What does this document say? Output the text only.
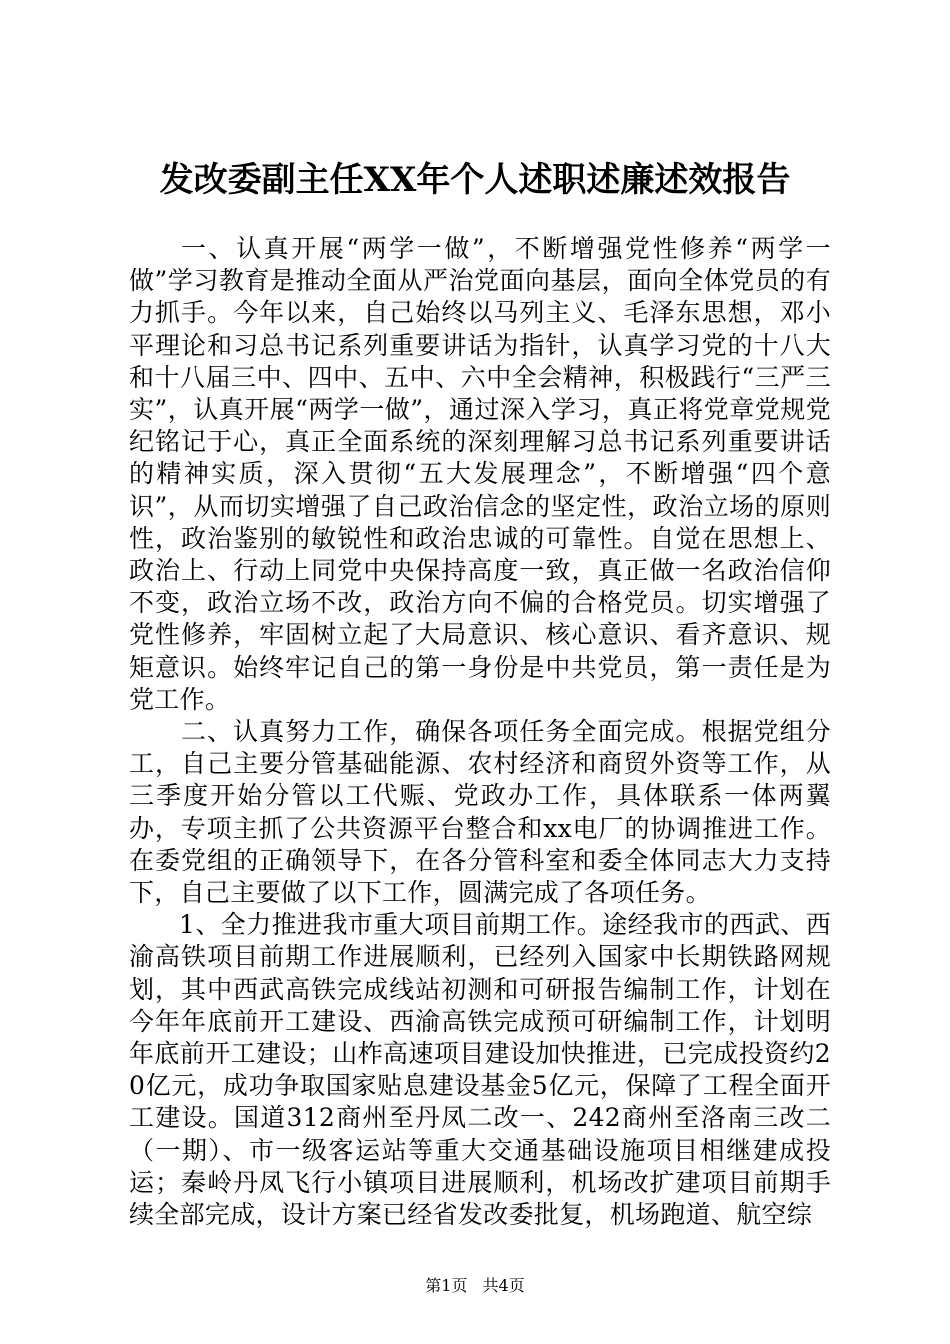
发改委副主任XX年个人述职述廉述效报告

一、认真开展“两学一做”，不断增强党性修养“两学一做”学习教育是推动全面从严治党面向基层，面向全体党员的有力抓手。今年以来，自己始终以马列主义、毛泽东思想，邓小平理论和习总书记系列重要讲话为指针，认真学习党的十八大和十八届三中、四中、五中、六中全会精神，积极践行“三严三实”，认真开展“两学一做”，通过深入学习，真正将党章党规党纪铭记于心，真正全面系统的深刻理解习总书记系列重要讲话的精神实质，深入贯彻“五大发展理念”，不断增强“四个意识”，从而切实增强了自己政治信念的坚定性，政治立场的原则性，政治鉴别的敏锐性和政治忠诚的可靠性。自觉在思想上、政治上、行动上同党中央保持高度一致，真正做一名政治信仰不变，政治立场不改，政治方向不偏的合格党员。切实增强了党性修养，牢固树立起了大局意识、核心意识、看齐意识、规矩意识。始终牢记自己的第一身份是中共党员，第一责任是为党工作。

二、认真努力工作，确保各项任务全面完成。根据党组分工，自己主要分管基础能源、农村经济和商贸外资等工作，从三季度开始分管以工代赈、党政办工作，具体联系一体两翼办，专项主抓了公共资源平台整合和xx电厂的协调推进工作。在委党组的正确领导下，在各分管科室和委全体同志大力支持下，自己主要做了以下工作，圆满完成了各项任务。

1、全力推进我市重大项目前期工作。途经我市的西武、西渝高铁项目前期工作进展顺利，已经列入国家中长期铁路网规划，其中西武高铁完成线站初测和可研报告编制工作，计划在今年年底前开工建设、西渝高铁完成预可研编制工作，计划明年底前开工建设；山柞高速项目建设加快推进，已完成投资约20亿元，成功争取国家贴息建设基金5亿元，保障了工程全面开工建设。国道312商州至丹凤二改一、242商州至洛南三改二（一期）、市一级客运站等重大交通基础设施项目相继建成投运；秦岭丹凤飞行小镇项目进展顺利，机场改扩建项目前期手续全部完成，设计方案已经省发改委批复，机场跑道、航空综

第1页 共4页
